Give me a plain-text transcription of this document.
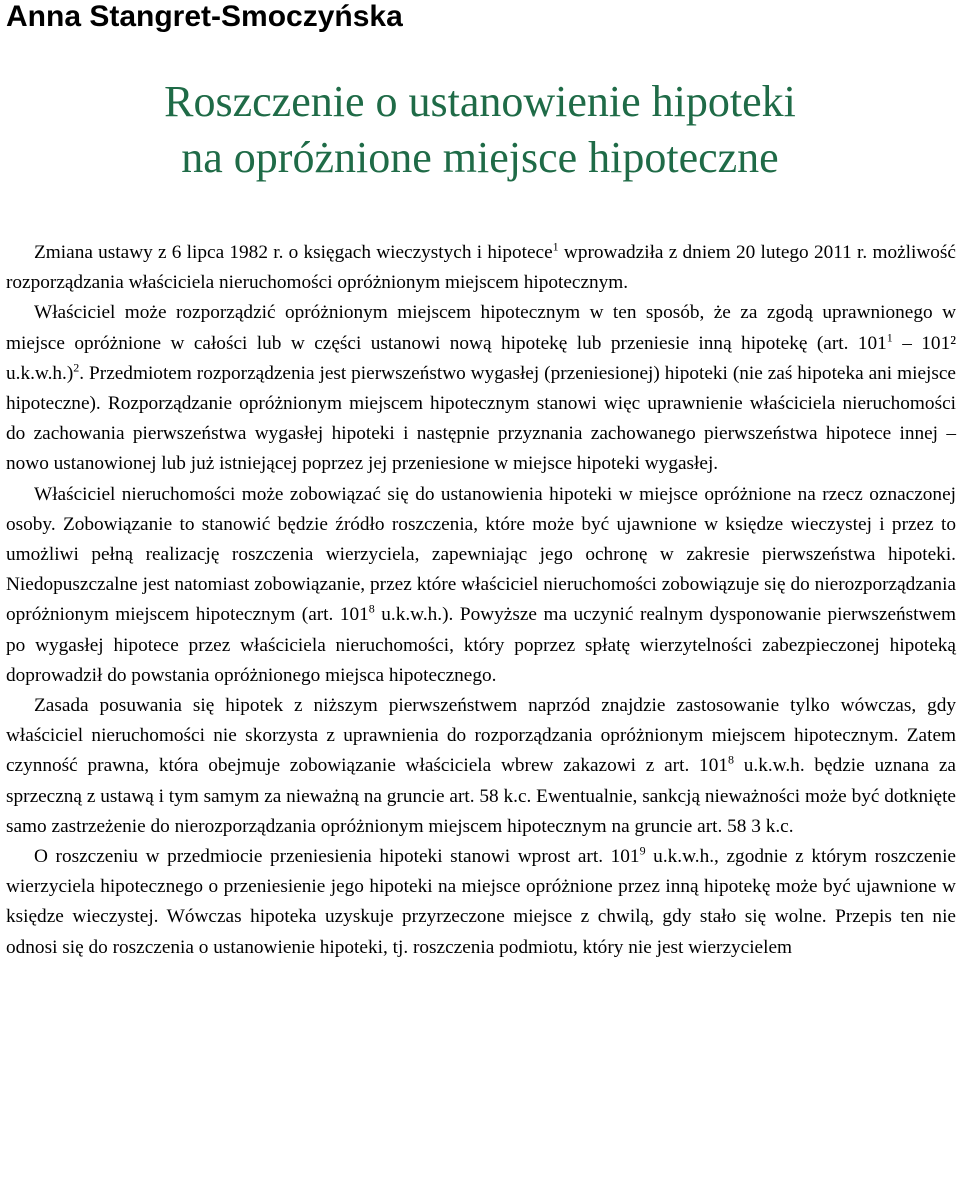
Anna Stangret-Smoczyńska
Roszczenie o ustanowienie hipoteki
na opróżnione miejsce hipoteczne

Zmiana ustawy z 6 lipca 1982 r. o księgach wieczystych i hipotece$^1$ wprowadziła z dniem 20 lutego 2011 r. możliwość rozporządzania właściciela nieruchomości opróżnionym miejscem hipotecznym.

Właściciel może rozporządzić opróżnionym miejscem hipotecznym w ten sposób, że za zgodą uprawnionego w miejsce opróżnione w całości lub w części ustanowi nową hipotekę lub przeniesie inną hipotekę (art. $101^1 - 101^2$ u.k.w.h.)$^2$. Przedmiotem rozporządzenia jest pierwszeństwo wygasłej (przeniesionej) hipoteki (nie zaś hipoteka ani miejsce hipoteczne). Rozporządzanie opróżnionym miejscem hipotecznym stanowi więc uprawnienie właściciela nieruchomości do zachowania pierwszeństwa wygasłej hipoteki i następnie przyznania zachowanego pierwszeństwa hipotece innej – nowo ustanowionej lub już istniejącej poprzez jej przeniesione w miejsce hipoteki wygasłej.

Właściciel nieruchomości może zobowiązać się do ustanowienia hipoteki w miejsce opróżnione na rzecz oznaczonej osoby. Zobowiązanie to stanowić będzie źródło roszczenia, które może być ujawnione w księdze wieczystej i przez to umożliwi pełną realizację roszczenia wierzyciela, zapewniając jego ochronę w zakresie pierwszeństwa hipoteki. Niedopuszczalne jest natomiast zobowiązanie, przez które właściciel nieruchomości zobowiązuje się do nierozporządzania opróżnionym miejscem hipotecznym (art. $101^8$ u.k.w.h.). Powyższe ma uczynić realnym dysponowanie pierwszeństwem po wygasłej hipotece przez właściciela nieruchomości, który poprzez spłatę wierzytelności zabezpieczonej hipoteką doprowadził do powstania opróżnionego miejsca hipotecznego.

Zasada posuwania się hipotek z niższym pierwszeństwem naprzód znajdzie zastosowanie tylko wówczas, gdy właściciel nieruchomości nie skorzysta z uprawnienia do rozporządzania opróżnionym miejscem hipotecznym. Zatem czynność prawna, która obejmuje zobowiązanie właściciela wbrew zakazowi z art. $101^8$ u.k.w.h. będzie uznana za sprzeczną z ustawą i tym samym za nieważną na gruncie art. 58 k.c. Ewentualnie, sankcją nieważności może być dotknięte samo zastrzeżenie do nierozporządzania opróżnionym miejscem hipotecznym na gruncie art. 58 3 k.c.

O roszczeniu w przedmiocie przeniesienia hipoteki stanowi wprost art. $101^9$ u.k.w.h., zgodnie z którym roszczenie wierzyciela hipotecznego o przeniesienie jego hipoteki na miejsce opróżnione przez inną hipotekę może być ujawnione w księdze wieczystej. Wówczas hipoteka uzyskuje przyrzeczone miejsce z chwilą, gdy stało się wolne. Przepis ten nie odnosi się do roszczenia o ustanowienie hipoteki, tj. roszczenia podmiotu, który nie jest wierzycielem
